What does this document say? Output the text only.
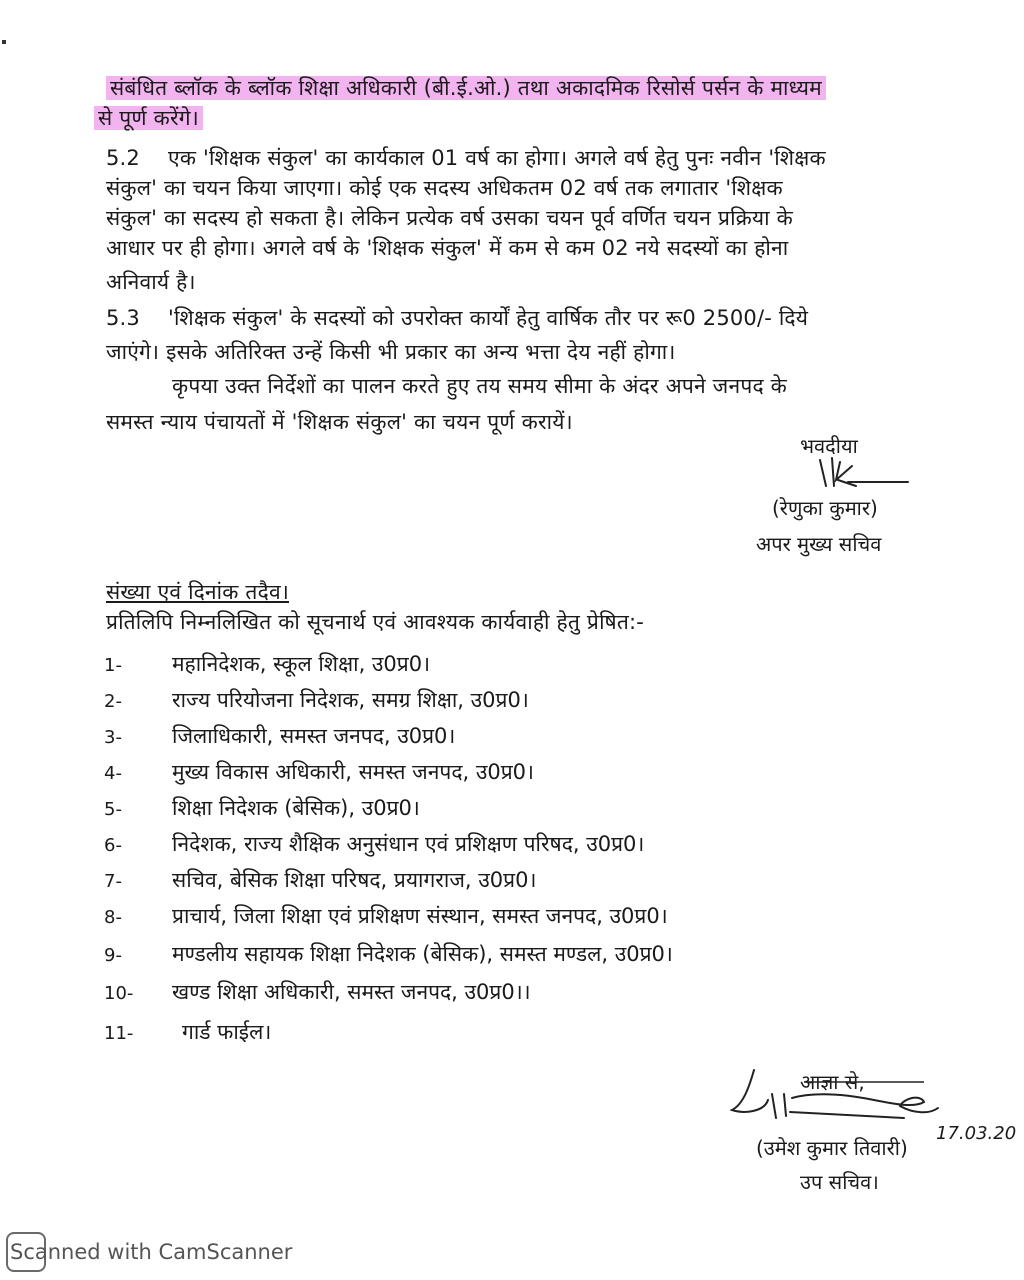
संबंधित ब्लॉक के ब्लॉक शिक्षा अधिकारी (बी.ई.ओ.) तथा अकादमिक रिसोर्स पर्सन के माध्यम
से पूर्ण करेंगे।
5.2 एक 'शिक्षक संकुल' का कार्यकाल 01 वर्ष का होगा। अगले वर्ष हेतु पुनः नवीन 'शिक्षक
संकुल' का चयन किया जाएगा। कोई एक सदस्य अधिकतम 02 वर्ष तक लगातार 'शिक्षक
संकुल' का सदस्य हो सकता है। लेकिन प्रत्येक वर्ष उसका चयन पूर्व वर्णित चयन प्रक्रिया के
आधार पर ही होगा। अगले वर्ष के 'शिक्षक संकुल' में कम से कम 02 नये सदस्यों का होना
अनिवार्य है।
5.3 'शिक्षक संकुल' के सदस्यों को उपरोक्त कार्यों हेतु वार्षिक तौर पर रू0 2500/- दिये
जाएंगे। इसके अतिरिक्त उन्हें किसी भी प्रकार का अन्य भत्ता देय नहीं होगा।
कृपया उक्त निर्देशों का पालन करते हुए तय समय सीमा के अंदर अपने जनपद के
समस्त न्याय पंचायतों में 'शिक्षक संकुल' का चयन पूर्ण करायें।
भवदीया
(रेणुका कुमार)
अपर मुख्य सचिव
संख्या एवं दिनांक तदैव।
प्रतिलिपि निम्नलिखित को सूचनार्थ एवं आवश्यक कार्यवाही हेतु प्रेषित:-
1- महानिदेशक, स्कूल शिक्षा, उ0प्र0।
2- राज्य परियोजना निदेशक, समग्र शिक्षा, उ0प्र0।
3- जिलाधिकारी, समस्त जनपद, उ0प्र0।
4- मुख्य विकास अधिकारी, समस्त जनपद, उ0प्र0।
5- शिक्षा निदेशक (बेसिक), उ0प्र0।
6- निदेशक, राज्य शैक्षिक अनुसंधान एवं प्रशिक्षण परिषद, उ0प्र0।
7- सचिव, बेसिक शिक्षा परिषद, प्रयागराज, उ0प्र0।
8- प्राचार्य, जिला शिक्षा एवं प्रशिक्षण संस्थान, समस्त जनपद, उ0प्र0।
9- मण्डलीय सहायक शिक्षा निदेशक (बेसिक), समस्त मण्डल, उ0प्र0।
10- खण्ड शिक्षा अधिकारी, समस्त जनपद, उ0प्र0।।
11- गार्ड फाईल।
आज्ञा से,
(उमेश कुमार तिवारी)
17.03.20
उप सचिव।
Scanned with CamScanner
